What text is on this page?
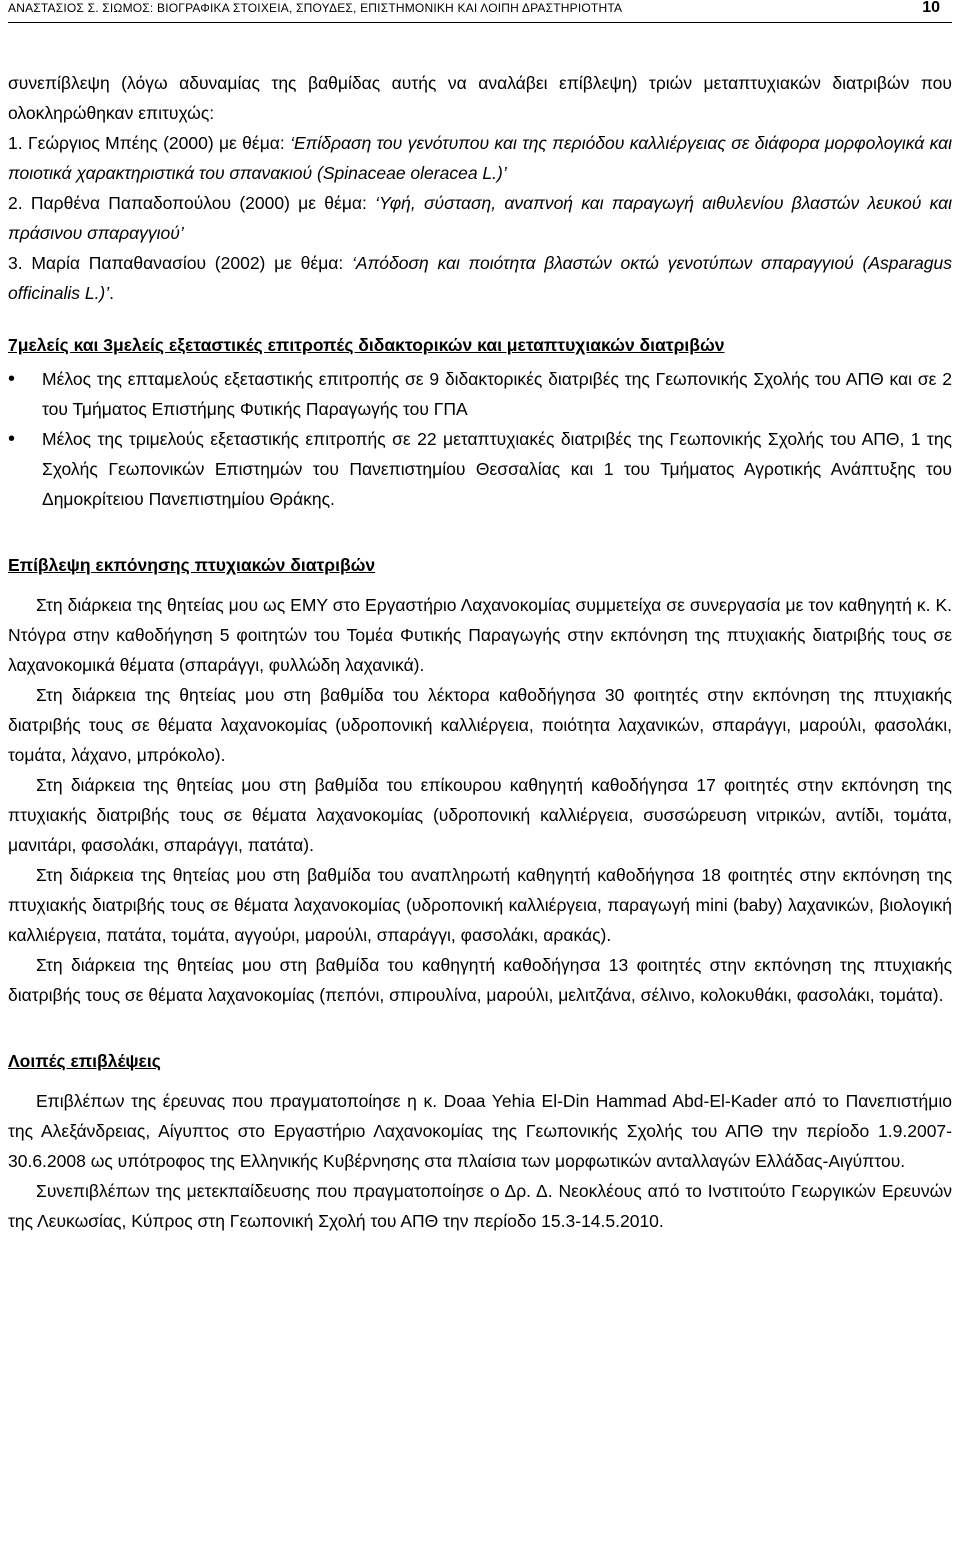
ΑΝΑΣΤΑΣΙΟΣ Σ. ΣΙΩΜΟΣ: ΒΙΟΓΡΑΦΙΚΑ ΣΤΟΙΧΕΙΑ, ΣΠΟΥΔΕΣ, ΕΠΙΣΤΗΜΟΝΙΚΗ ΚΑΙ ΛΟΙΠΗ ΔΡΑΣΤΗΡΙΟΤΗΤΑ	10

συνεπίβλεψη (λόγω αδυναμίας της βαθμίδας αυτής να αναλάβει επίβλεψη) τριών μεταπτυχιακών διατριβών που ολοκληρώθηκαν επιτυχώς:

1. Γεώργιος Μπέης (2000) με θέμα: ‘Επίδραση του γενότυπου και της περιόδου καλλιέργειας σε διάφορα μορφολογικά και ποιοτικά χαρακτηριστικά του σπανακιού (Spinaceae oleracea L.)’

2. Παρθένα Παπαδοπούλου (2000) με θέμα: ‘Υφή, σύσταση, αναπνοή και παραγωγή αιθυλενίου βλαστών λευκού και πράσινου σπαραγγιού’

3. Μαρία Παπαθανασίου (2002) με θέμα: ‘Απόδοση και ποιότητα βλαστών οκτώ γενοτύπων σπαραγγιού (Asparagus officinalis L.)’.

7μελείς και 3μελείς εξεταστικές επιτροπές διδακτορικών και μεταπτυχιακών διατριβών

• Μέλος της επταμελούς εξεταστικής επιτροπής σε 9 διδακτορικές διατριβές της Γεωπονικής Σχολής του ΑΠΘ και σε 2 του Τμήματος Επιστήμης Φυτικής Παραγωγής του ΓΠΑ
• Μέλος της τριμελούς εξεταστικής επιτροπής σε 22 μεταπτυχιακές διατριβές της Γεωπονικής Σχολής του ΑΠΘ, 1 της Σχολής Γεωπονικών Επιστημών του Πανεπιστημίου Θεσσαλίας και 1 του Τμήματος Αγροτικής Ανάπτυξης του Δημοκρίτειου Πανεπιστημίου Θράκης.

Επίβλεψη εκπόνησης πτυχιακών διατριβών

Στη διάρκεια της θητείας μου ως ΕΜΥ στο Εργαστήριο Λαχανοκομίας συμμετείχα σε συνεργασία με τον καθηγητή κ. Κ. Ντόγρα στην καθοδήγηση 5 φοιτητών του Τομέα Φυτικής Παραγωγής στην εκπόνηση της πτυχιακής διατριβής τους σε λαχανοκομικά θέματα (σπαράγγι, φυλλώδη λαχανικά).

Στη διάρκεια της θητείας μου στη βαθμίδα του λέκτορα καθοδήγησα 30 φοιτητές στην εκπόνηση της πτυχιακής διατριβής τους σε θέματα λαχανοκομίας (υδροπονική καλλιέργεια, ποιότητα λαχανικών, σπαράγγι, μαρούλι, φασολάκι, τομάτα, λάχανο, μπρόκολο).

Στη διάρκεια της θητείας μου στη βαθμίδα του επίκουρου καθηγητή καθοδήγησα 17 φοιτητές στην εκπόνηση της πτυχιακής διατριβής τους σε θέματα λαχανοκομίας (υδροπονική καλλιέργεια, συσσώρευση νιτρικών, αντίδι, τομάτα, μανιτάρι, φασολάκι, σπαράγγι, πατάτα).

Στη διάρκεια της θητείας μου στη βαθμίδα του αναπληρωτή καθηγητή καθοδήγησα 18 φοιτητές στην εκπόνηση της πτυχιακής διατριβής τους σε θέματα λαχανοκομίας (υδροπονική καλλιέργεια, παραγωγή mini (baby) λαχανικών, βιολογική καλλιέργεια, πατάτα, τομάτα, αγγούρι, μαρούλι, σπαράγγι, φασολάκι, αρακάς).

Στη διάρκεια της θητείας μου στη βαθμίδα του καθηγητή καθοδήγησα 13 φοιτητές στην εκπόνηση της πτυχιακής διατριβής τους σε θέματα λαχανοκομίας (πεπόνι, σπιρουλίνα, μαρούλι, μελιτζάνα, σέλινο, κολοκυθάκι, φασολάκι, τομάτα).

Λοιπές επιβλέψεις

Επιβλέπων της έρευνας που πραγματοποίησε η κ. Doaa Yehia El-Din Hammad Abd-El-Kader από το Πανεπιστήμιο της Αλεξάνδρειας, Αίγυπτος στο Εργαστήριο Λαχανοκομίας της Γεωπονικής Σχολής του ΑΠΘ την περίοδο 1.9.2007-30.6.2008 ως υπότροφος της Ελληνικής Κυβέρνησης στα πλαίσια των μορφωτικών ανταλλαγών Ελλάδας-Αιγύπτου.

Συνεπιβλέπων της μετεκπαίδευσης που πραγματοποίησε ο Δρ. Δ. Νεοκλέους από το Ινστιτούτο Γεωργικών Ερευνών της Λευκωσίας, Κύπρος στη Γεωπονική Σχολή του ΑΠΘ την περίοδο 15.3-14.5.2010.
